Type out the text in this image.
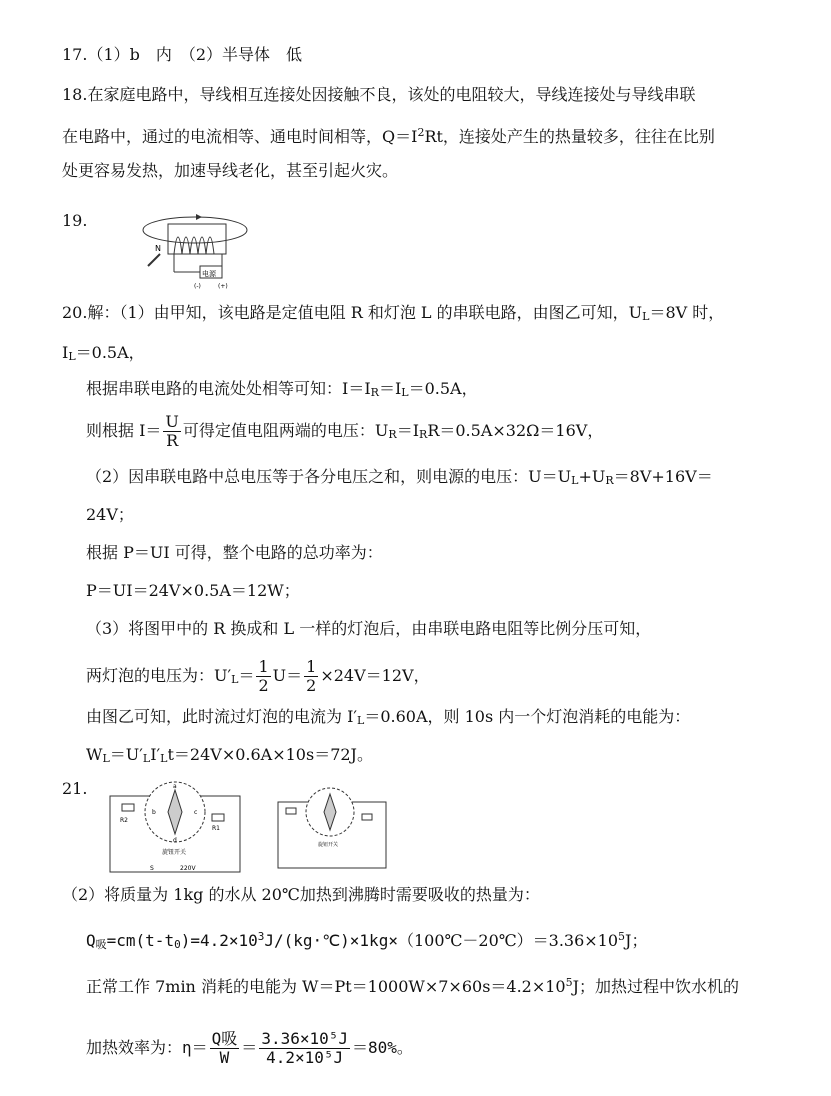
17.（1）b　内　（2）半导体　低
18.在家庭电路中，导线相互连接处因接触不良，该处的电阻较大，导线连接处与导线串联
在电路中，通过的电流相等、通电时间相等，$Q=I^2Rt$，连接处产生的热量较多，往往在比别
处更容易发热，加速导线老化，甚至引起火灾。
19.
N
电源
(-)	(+)
20.解：（1）由甲知，该电路是定值电阻 R 和灯泡 L 的串联电路，由图乙可知，$U_L=8V$ 时，
$I_L=0.5A$，
根据串联电路的电流处处相等可知：$I=I_R=I_L=0.5A$，
则根据 $I= \frac{U}{R}$ 可得定值电阻两端的电压：$U_R=I_RR=0.5A\times 32\Omega=16V$，
（2）因串联电路中总电压等于各分电压之和，则电源的电压：$U=U_L+U_R=8V+16V=$
24V；
根据 P＝UI 可得，整个电路的总功率为：
P＝UI＝24V×0.5A＝12W；
（3）将图甲中的 R 换成和 L 一样的灯泡后，由串联电路电阻等比例分压可知，
两灯泡的电压为：$U'_L= \frac{1}{2} U= \frac{1}{2} \times 24V=12V$，
由图乙可知，此时流过灯泡的电流为 $I'_L=0.60A$，则 10s 内一个灯泡消耗的电能为：
$W_L=U'_LI'_Lt=24V\times 0.6A\times 10s=72J$。
21.
R2
R1
a
b	c
d
旋钮开关
S	220V
旋钮开关
（2）将质量为 1kg 的水从 20℃加热到沸腾时需要吸收的热量为：
$Q_吸=cm(t-t_0)=4.2\times 10^3J/(kg\cdot℃)\times 1kg\times(100℃-20℃)=3.36\times 10^5J$；
正常工作 7min 消耗的电能为 $W=Pt=1000W\times 7\times 60s=4.2\times 10^5J$；加热过程中饮水机的
加热效率为：$\eta= \frac{\text{Q吸}}{W} = \frac{\text{3.36×10⁵J}}{\text{4.2×10⁵J}} =80\%$。
